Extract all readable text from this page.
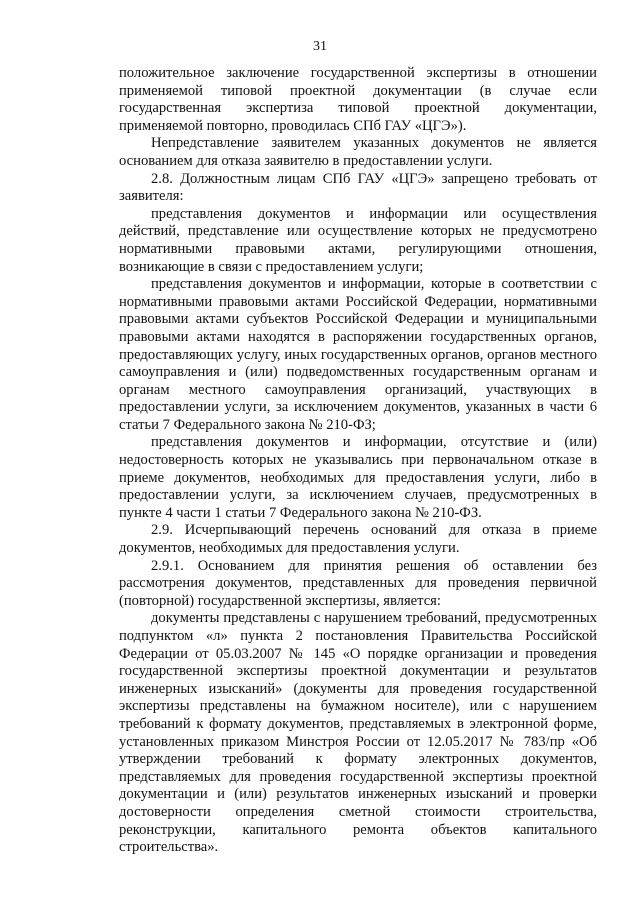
31

положительное заключение государственной экспертизы в отношении применяемой типовой проектной документации (в случае если государственная экспертиза типовой проектной документации, применяемой повторно, проводилась СПб ГАУ «ЦГЭ»).

Непредставление заявителем указанных документов не является основанием для отказа заявителю в предоставлении услуги.

2.8. Должностным лицам СПб ГАУ «ЦГЭ» запрещено требовать от заявителя:

представления документов и информации или осуществления действий, представление или осуществление которых не предусмотрено нормативными правовыми актами, регулирующими отношения, возникающие в связи с предоставлением услуги;

представления документов и информации, которые в соответствии с нормативными правовыми актами Российской Федерации, нормативными правовыми актами субъектов Российской Федерации и муниципальными правовыми актами находятся в распоряжении государственных органов, предоставляющих услугу, иных государственных органов, органов местного самоуправления и (или) подведомственных государственным органам и органам местного самоуправления организаций, участвующих в предоставлении услуги, за исключением документов, указанных в части 6 статьи 7 Федерального закона № 210-ФЗ;

представления документов и информации, отсутствие и (или) недостоверность которых не указывались при первоначальном отказе в приеме документов, необходимых для предоставления услуги, либо в предоставлении услуги, за исключением случаев, предусмотренных в пункте 4 части 1 статьи 7 Федерального закона № 210-ФЗ.

2.9. Исчерпывающий перечень оснований для отказа в приеме документов, необходимых для предоставления услуги.

2.9.1. Основанием для принятия решения об оставлении без рассмотрения документов, представленных для проведения первичной (повторной) государственной экспертизы, является:

документы представлены с нарушением требований, предусмотренных подпунктом «л» пункта 2 постановления Правительства Российской Федерации от 05.03.2007 № 145 «О порядке организации и проведения государственной экспертизы проектной документации и результатов инженерных изысканий» (документы для проведения государственной экспертизы представлены на бумажном носителе), или с нарушением требований к формату документов, представляемых в электронной форме, установленных приказом Минстроя России от 12.05.2017 № 783/пр «Об утверждении требований к формату электронных документов, представляемых для проведения государственной экспертизы проектной документации и (или) результатов инженерных изысканий и проверки достоверности определения сметной стоимости строительства, реконструкции, капитального ремонта объектов капитального строительства».
